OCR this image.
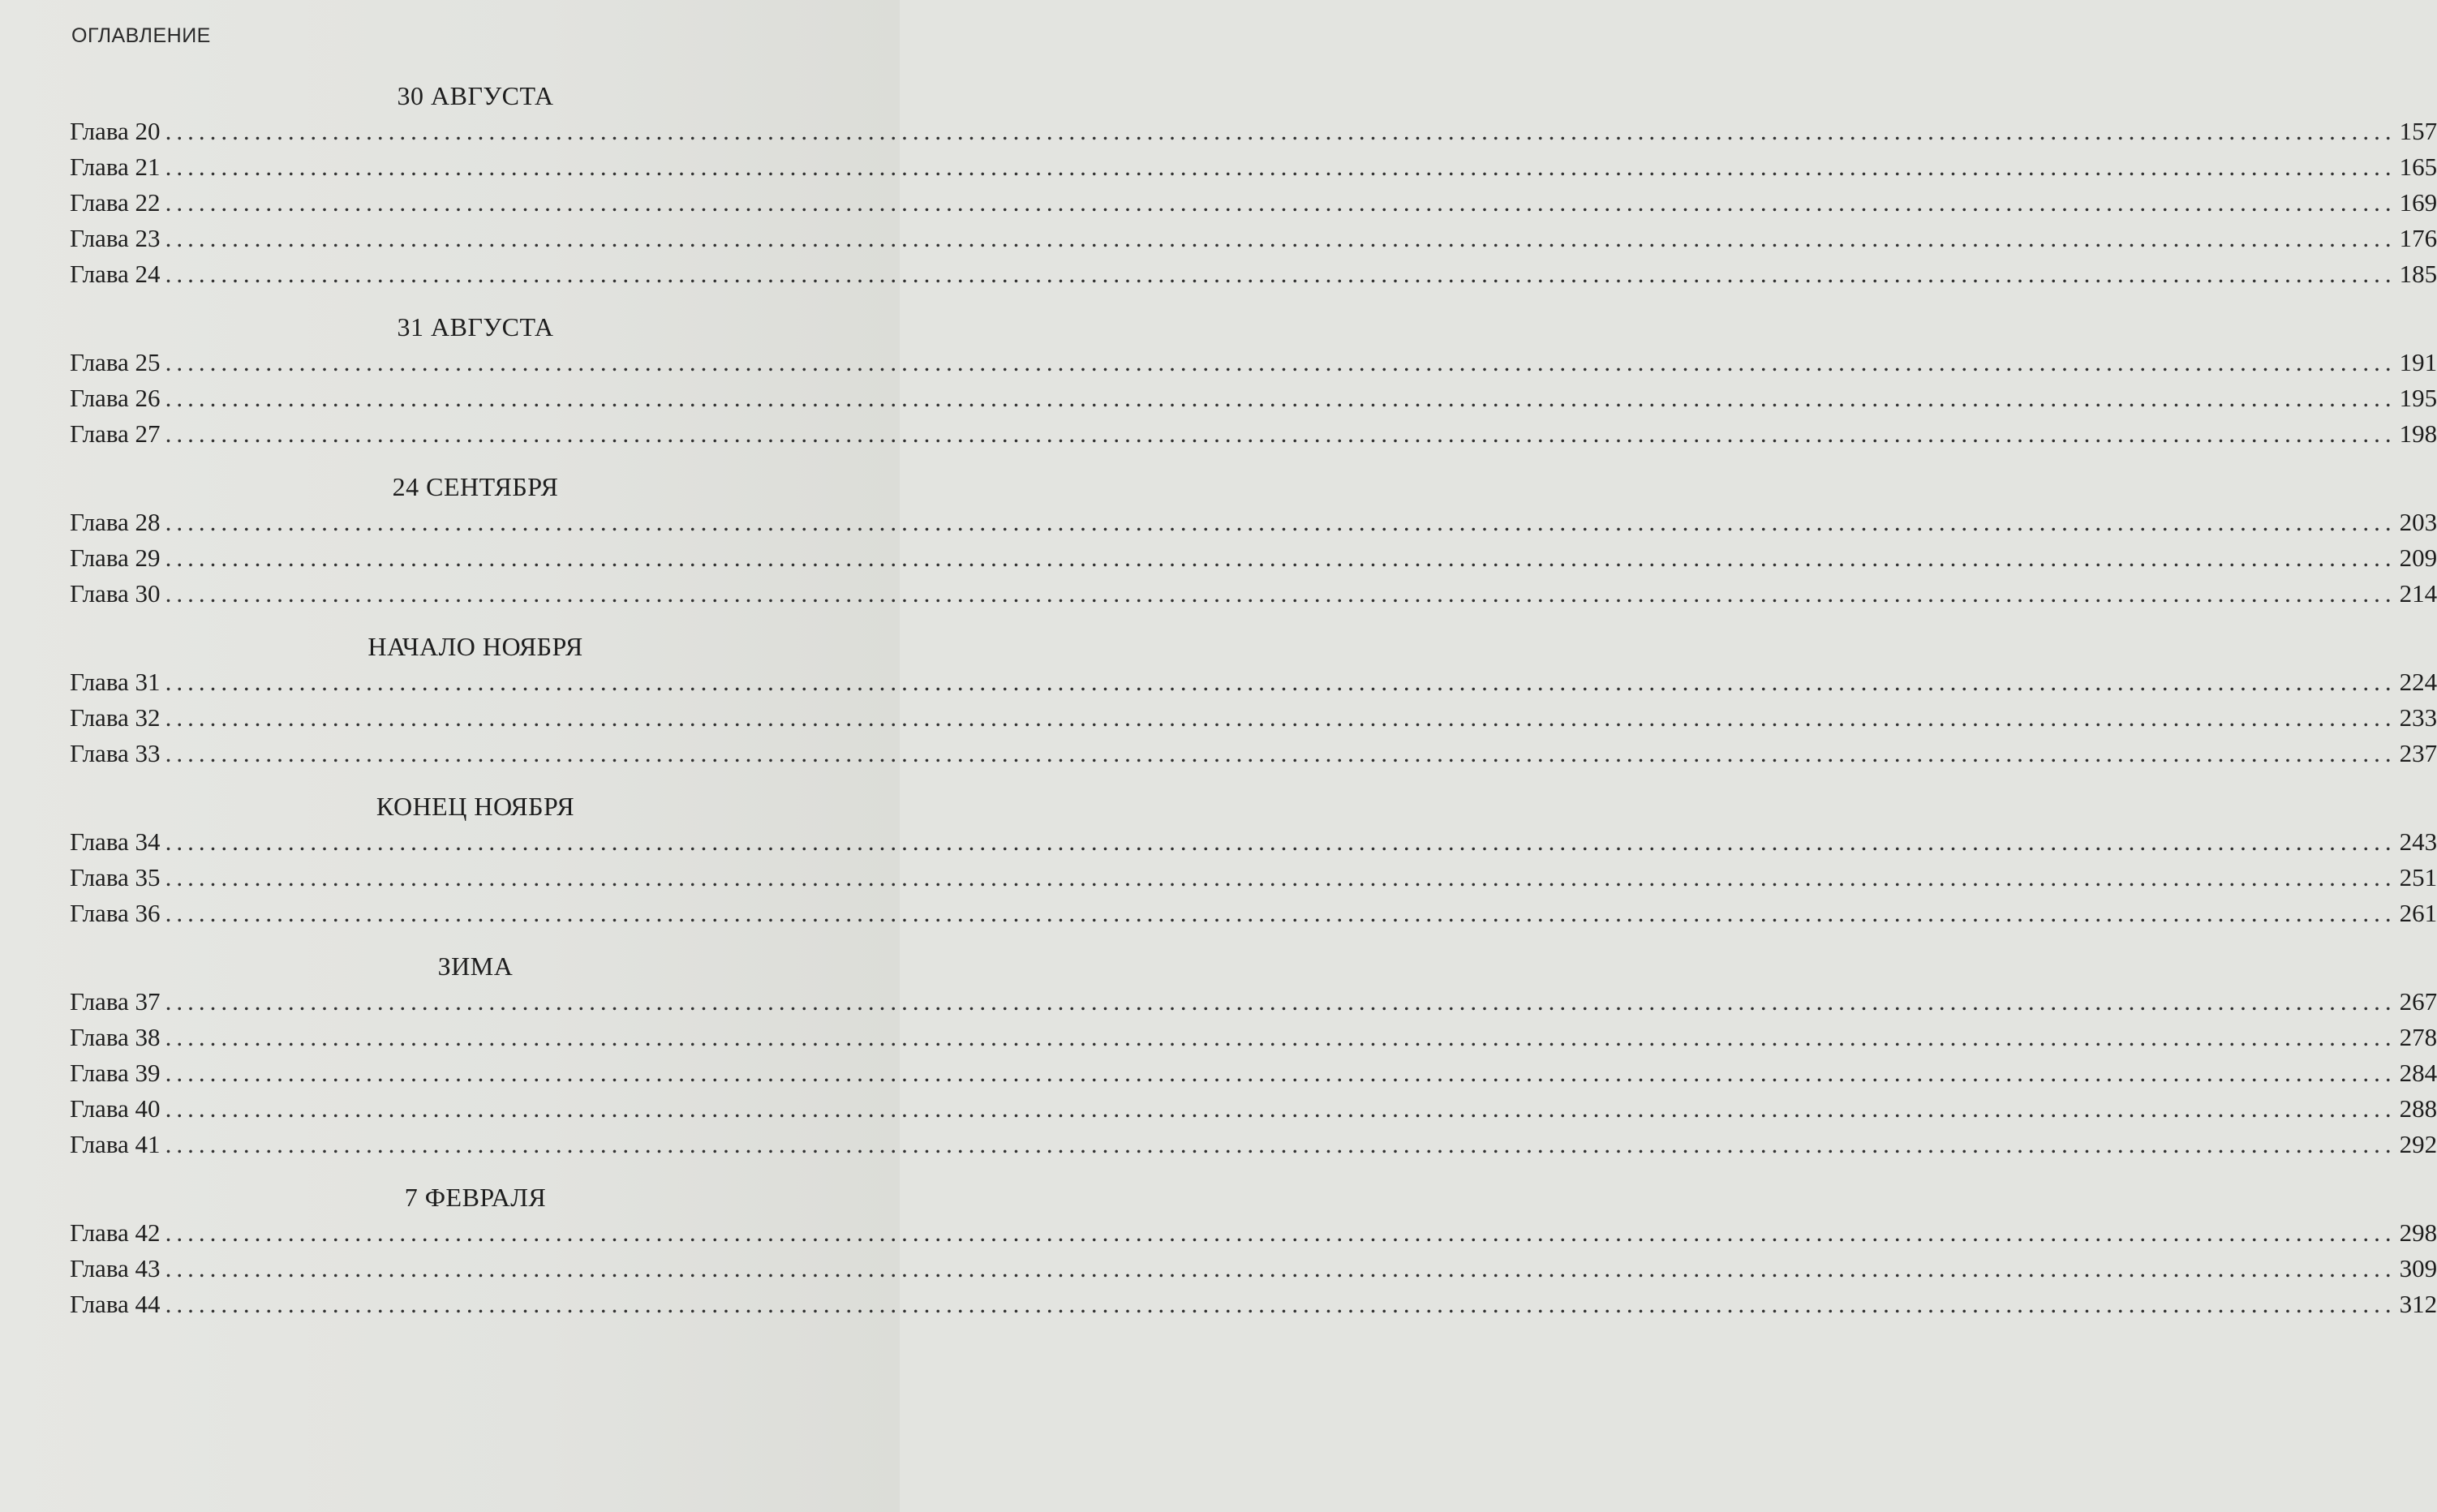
ОГЛАВЛЕНИЕ
30 АВГУСТА
Глава 20 ........................................................................................................................................................................................................ 157
Глава 21 ........................................................................................................................................................................................................ 165
Глава 22 ........................................................................................................................................................................................................ 169
Глава 23 ........................................................................................................................................................................................................ 176
Глава 24 ........................................................................................................................................................................................................ 185
31 АВГУСТА
Глава 25 ........................................................................................................................................................................................................ 191
Глава 26 ........................................................................................................................................................................................................ 195
Глава 27 ........................................................................................................................................................................................................ 198
24 СЕНТЯБРЯ
Глава 28 ........................................................................................................................................................................................................ 203
Глава 29 ........................................................................................................................................................................................................ 209
Глава 30 ........................................................................................................................................................................................................ 214
НАЧАЛО НОЯБРЯ
Глава 31 ........................................................................................................................................................................................................ 224
Глава 32 ........................................................................................................................................................................................................ 233
Глава 33 ........................................................................................................................................................................................................ 237
КОНЕЦ НОЯБРЯ
Глава 34 ........................................................................................................................................................................................................ 243
Глава 35 ........................................................................................................................................................................................................ 251
Глава 36 ........................................................................................................................................................................................................ 261
ЗИМА
Глава 37 ........................................................................................................................................................................................................ 267
Глава 38 ........................................................................................................................................................................................................ 278
Глава 39 ........................................................................................................................................................................................................ 284
Глава 40 ........................................................................................................................................................................................................ 288
Глава 41 ........................................................................................................................................................................................................ 292
7 ФЕВРАЛЯ
Глава 42 ........................................................................................................................................................................................................ 298
Глава 43 ........................................................................................................................................................................................................ 309
Глава 44 ........................................................................................................................................................................................................ 312
